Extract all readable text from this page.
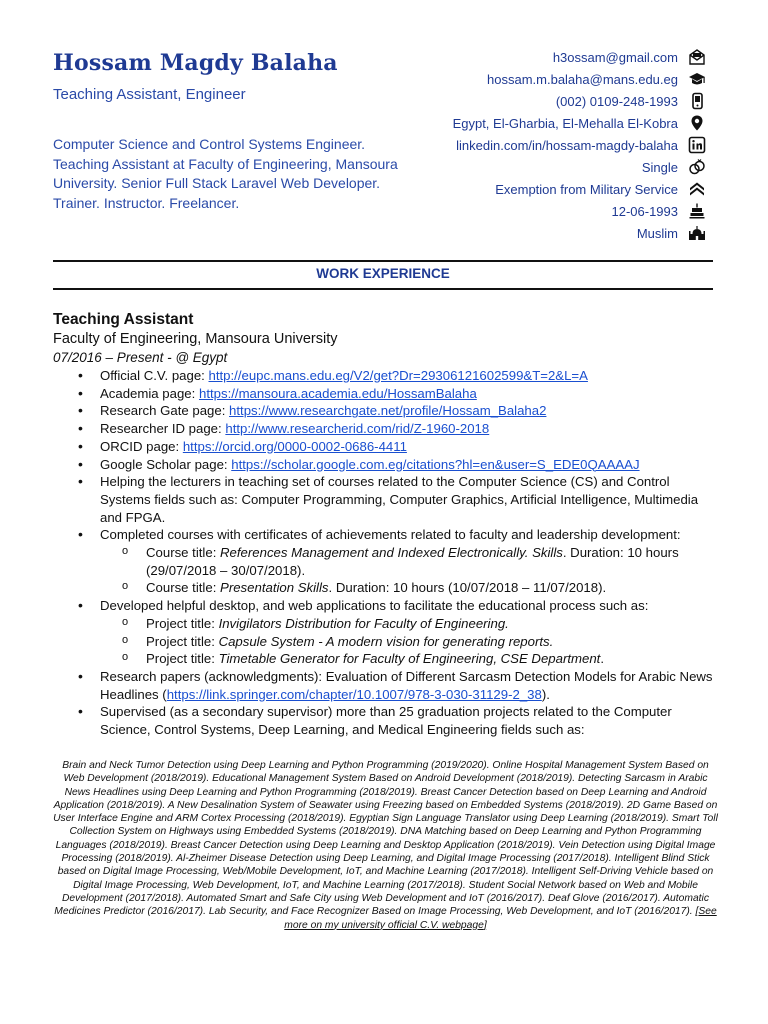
Hossam Magdy Balaha
Teaching Assistant, Engineer
Computer Science and Control Systems Engineer. Teaching Assistant at Faculty of Engineering, Mansoura University. Senior Full Stack Laravel Web Developer. Trainer. Instructor. Freelancer.
h3ossam@gmail.com
hossam.m.balaha@mans.edu.eg
(002) 0109-248-1993
Egypt, El-Gharbia, El-Mehalla El-Kobra
linkedin.com/in/hossam-magdy-balaha
Single
Exemption from Military Service
12-06-1993
Muslim
WORK EXPERIENCE
Teaching Assistant
Faculty of Engineering, Mansoura University
07/2016 – Present - @ Egypt
• Official C.V. page: http://eupc.mans.edu.eg/V2/get?Dr=29306121602599&T=2&L=A
• Academia page: https://mansoura.academia.edu/HossamBalaha
• Research Gate page: https://www.researchgate.net/profile/Hossam_Balaha2
• Researcher ID page: http://www.researcherid.com/rid/Z-1960-2018
• ORCID page: https://orcid.org/0000-0002-0686-4411
• Google Scholar page: https://scholar.google.com.eg/citations?hl=en&user=S_EDE0QAAAAJ
• Helping the lecturers in teaching set of courses related to the Computer Science (CS) and Control Systems fields such as: Computer Programming, Computer Graphics, Artificial Intelligence, Multimedia and FPGA.
• Completed courses with certificates of achievements related to faculty and leadership development:
o Course title: References Management and Indexed Electronically. Skills. Duration: 10 hours (29/07/2018 – 30/07/2018).
o Course title: Presentation Skills. Duration: 10 hours (10/07/2018 – 11/07/2018).
• Developed helpful desktop, and web applications to facilitate the educational process such as:
o Project title: Invigilators Distribution for Faculty of Engineering.
o Project title: Capsule System - A modern vision for generating reports.
o Project title: Timetable Generator for Faculty of Engineering, CSE Department.
• Research papers (acknowledgments): Evaluation of Different Sarcasm Detection Models for Arabic News Headlines (https://link.springer.com/chapter/10.1007/978-3-030-31129-2_38).
• Supervised (as a secondary supervisor) more than 25 graduation projects related to the Computer Science, Control Systems, Deep Learning, and Medical Engineering fields such as:
Brain and Neck Tumor Detection using Deep Learning and Python Programming (2019/2020). Online Hospital Management System Based on Web Development (2018/2019). Educational Management System Based on Android Development (2018/2019). Detecting Sarcasm in Arabic News Headlines using Deep Learning and Python Programming (2018/2019). Breast Cancer Detection based on Deep Learning and Android Application (2018/2019). A New Desalination System of Seawater using Freezing based on Embedded Systems (2018/2019). 2D Game Based on User Interface Engine and ARM Cortex Processing (2018/2019). Egyptian Sign Language Translator using Deep Learning (2018/2019). Smart Toll Collection System on Highways using Embedded Systems (2018/2019). DNA Matching based on Deep Learning and Python Programming Languages (2018/2019). Breast Cancer Detection using Deep Learning and Desktop Application (2018/2019). Vein Detection using Digital Image Processing (2018/2019). Al-Zheimer Disease Detection using Deep Learning, and Digital Image Processing (2017/2018). Intelligent Blind Stick based on Digital Image Processing, Web/Mobile Development, IoT, and Machine Learning (2017/2018). Intelligent Self-Driving Vehicle based on Digital Image Processing, Web Development, IoT, and Machine Learning (2017/2018). Student Social Network based on Web and Mobile Development (2017/2018). Automated Smart and Safe City using Web Development and IoT (2016/2017). Deaf Glove (2016/2017). Automatic Medicines Predictor (2016/2017). Lab Security, and Face Recognizer Based on Image Processing, Web Development, and IoT (2016/2017). [See more on my university official C.V. webpage]
